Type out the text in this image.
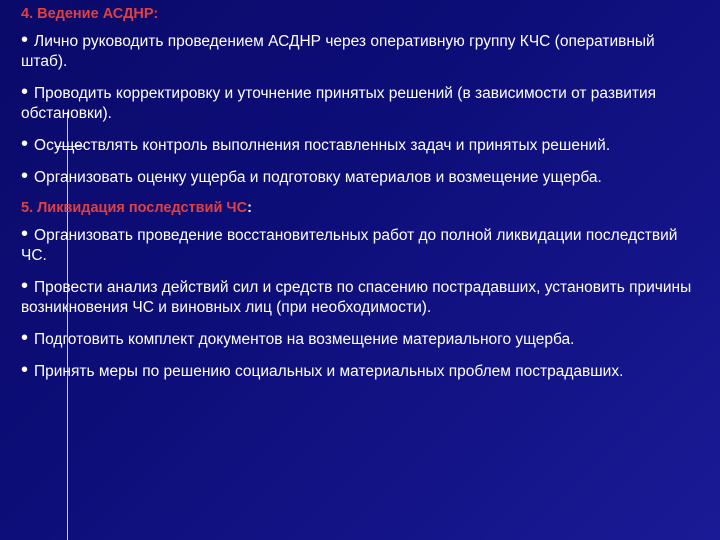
4. Ведение АСДНР:
• Лично руководить проведением АСДНР через оперативную группу КЧС (оперативный штаб).
• Проводить корректировку и уточнение принятых решений (в зависимости от развития обстановки).
• Осуществлять контроль выполнения поставленных задач и принятых решений.
• Организовать оценку ущерба и подготовку материалов и возмещение ущерба.
5. Ликвидация последствий ЧС:
• Организовать проведение восстановительных работ до полной ликвидации последствий ЧС.
• Провести анализ действий сил и средств по спасению пострадавших, установить причины возникновения ЧС и виновных лиц (при необходимости).
• Подготовить комплект документов на возмещение материального ущерба.
• Принять меры по решению социальных и материальных проблем пострадавших.
